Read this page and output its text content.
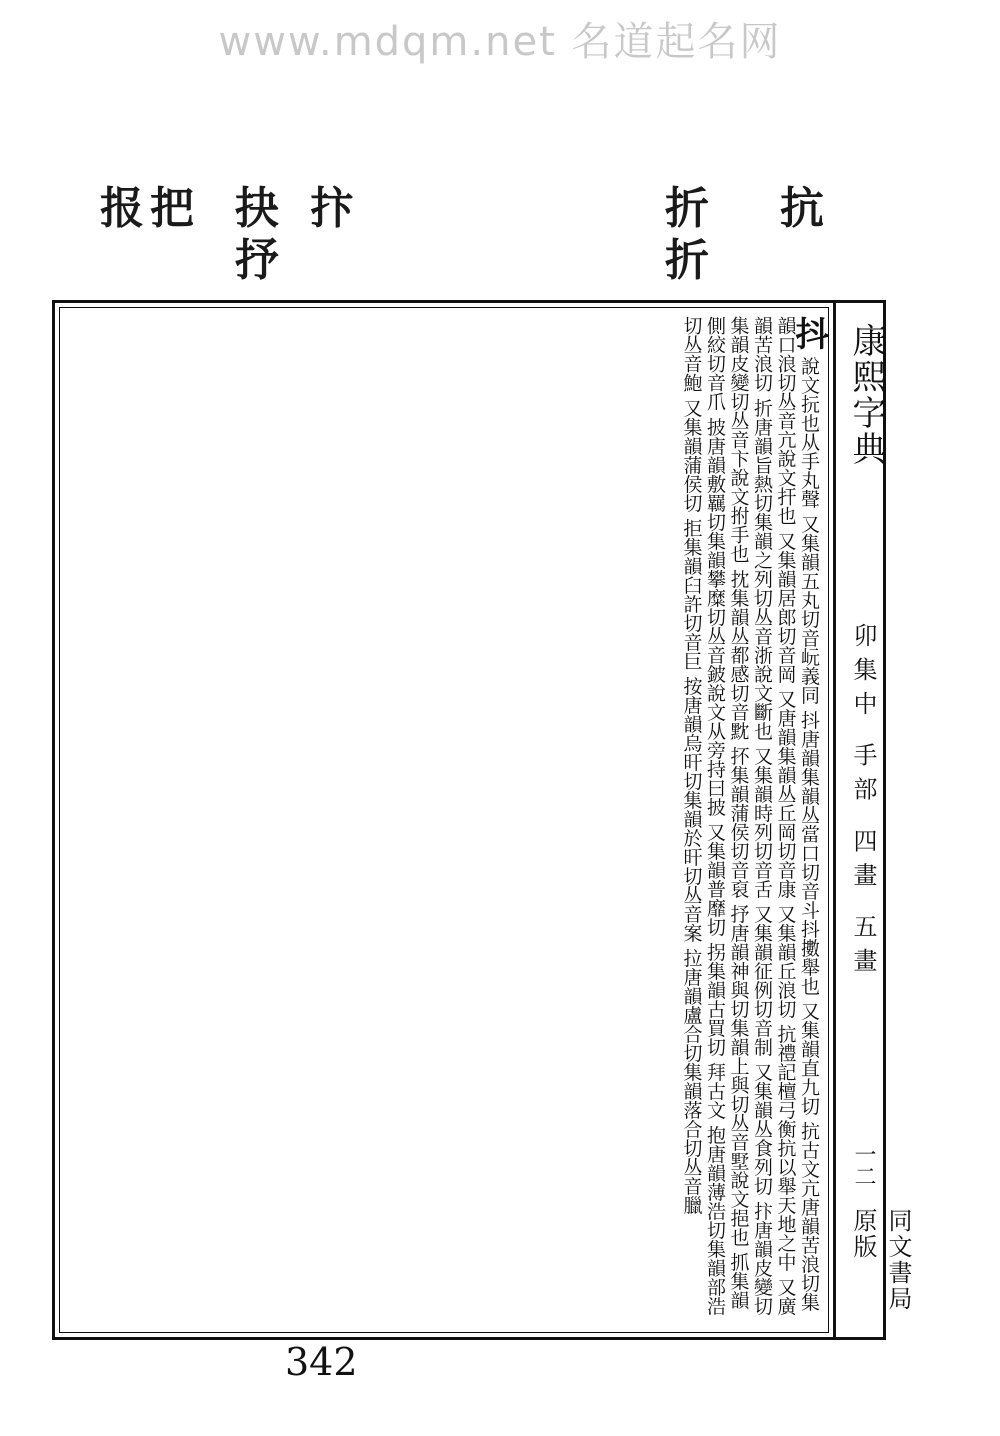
www.mdqm.net 名道起名网
抗
折
折
抃
抉
抒
把
报
抖 說文抏也从手丸聲 又集韻五丸切音岏義同 抖唐韻集韻丛當口切音斗抖擻舉也 又集韻直九切 抗古文亢唐韻苦浪切集韻口浪切丛音亢說文扞也 又集韻居郎切音岡 又唐韻集韻丛丘岡切音康 又集韻丘浪切 抗禮記檀弓衡抗以舉天地之中 又廣韻苦浪切 折唐韻旨熱切集韻之列切丛音浙說文斷也 又集韻時列切音舌 又集韻征例切音制 又集韻丛食列切 抃唐韻皮變切集韻皮變切丛音卞說文拊手也 抌集韻丛都感切音黕 抔集韻蒲侯切音裒 抒唐韻神與切集韻上與切丛音墅說文挹也 抓集韻側絞切音爪 披唐韻敷羈切集韻攀糜切丛音鈹說文从旁持曰披 又集韻普靡切 拐集韻古買切 拜古文 抱唐韻薄浩切集韻部浩切丛音鮑 又集韻蒲侯切 拒集韻臼許切音巨 按唐韻烏旰切集韻於旰切丛音案 拉唐韻盧合切集韻落合切丛音臘	康熙字典
卯集中 手部 四畫 五畫
一二
同文書局原版
342
